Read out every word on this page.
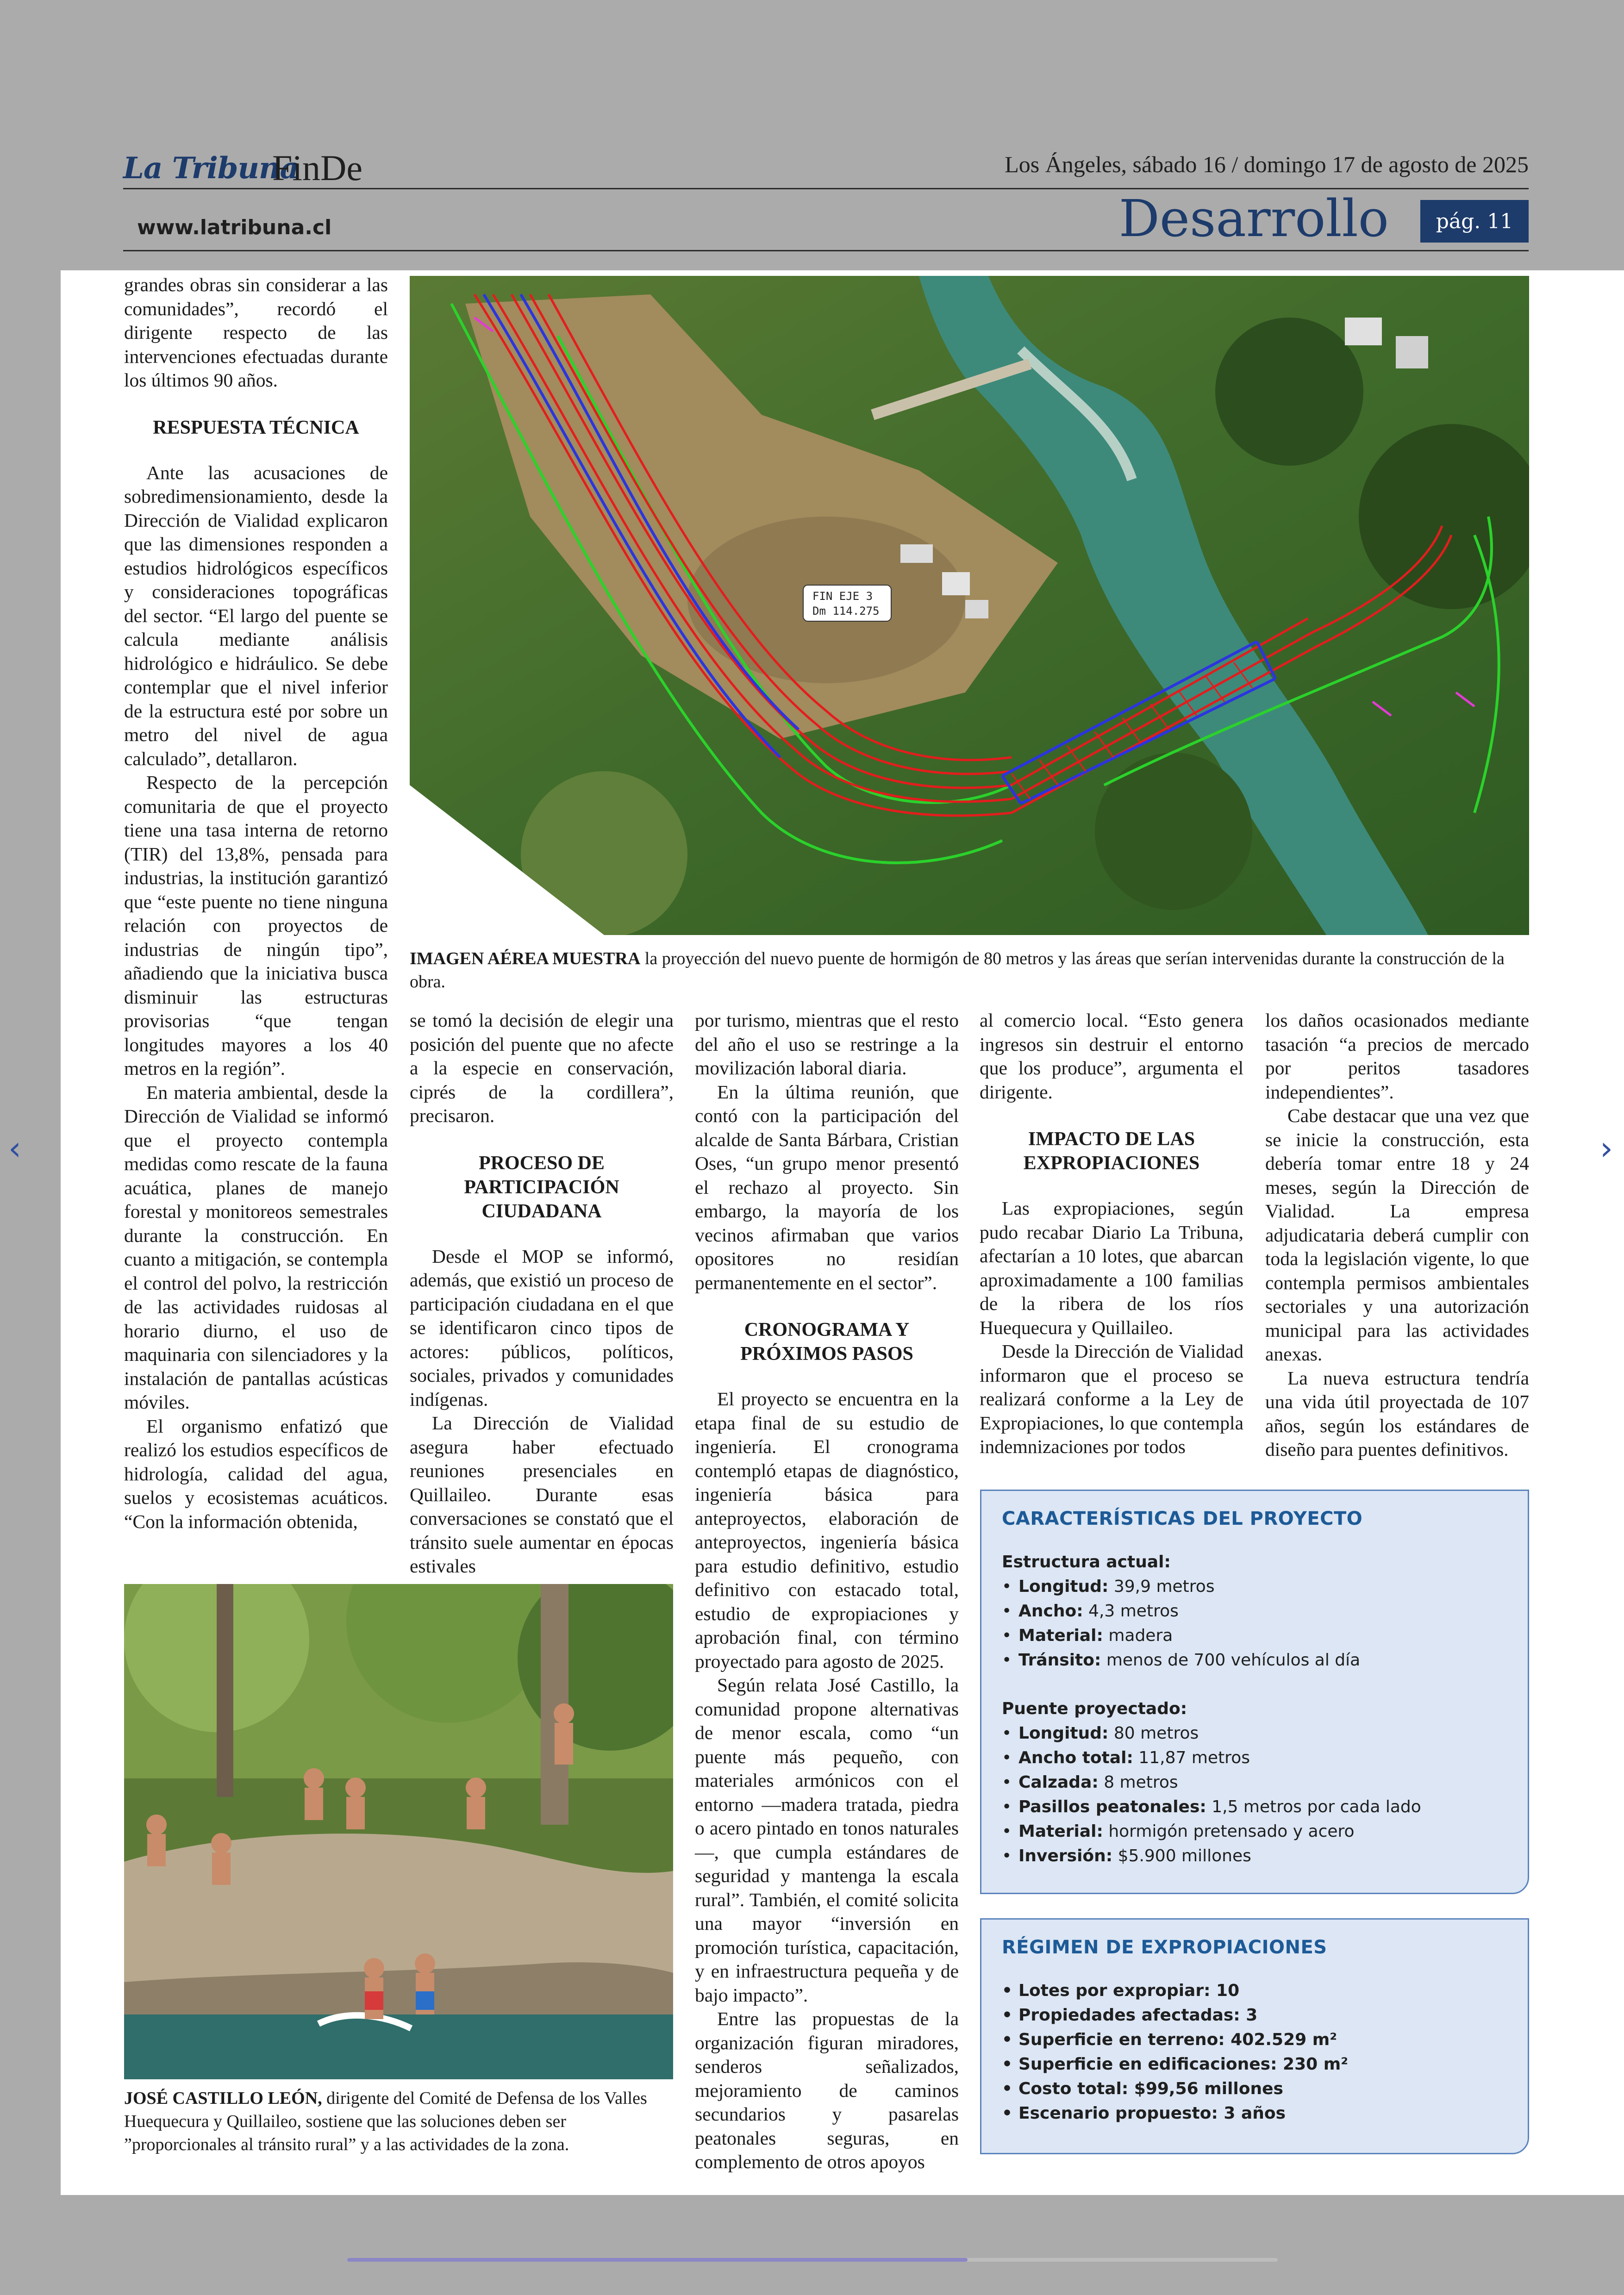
La Tribuna
FinDe	Los Ángeles, sábado 16 / domingo 17 de agosto de 2025
www.latribuna.cl	Desarrollo	pág. 11

grandes obras sin considerar a las comunidades”, recordó el dirigente respecto de las intervenciones efectuadas durante los últimos 90 años.

RESPUESTA TÉCNICA

Ante las acusaciones de sobredimensionamiento, desde la Dirección de Vialidad explicaron que las dimensiones responden a estudios hidrológicos específicos y consideraciones topográficas del sector. “El largo del puente se calcula mediante análisis hidrológico e hidráulico. Se debe contemplar que el nivel inferior de la estructura esté por sobre un metro del nivel de agua calculado”, detallaron.

Respecto de la percepción comunitaria de que el proyecto tiene una tasa interna de retorno (TIR) del 13,8%, pensada para industrias, la institución garantizó que “este puente no tiene ninguna relación con proyectos de industrias de ningún tipo”, añadiendo que la iniciativa busca disminuir las estructuras provisorias “que tengan longitudes mayores a los 40 metros en la región”.

En materia ambiental, desde la Dirección de Vialidad se informó que el proyecto contempla medidas como rescate de la fauna acuática, planes de manejo forestal y monitoreos semestrales durante la construcción. En cuanto a mitigación, se contempla el control del polvo, la restricción de las actividades ruidosas al horario diurno, el uso de maquinaria con silenciadores y la instalación de pantallas acústicas móviles.

El organismo enfatizó que realizó los estudios específicos de hidrología, calidad del agua, suelos y ecosistemas acuáticos. “Con la información obtenida,

FIN EJE 3
Dm 114.275
IMAGEN AÉREA MUESTRA la proyección del nuevo puente de hormigón de 80 metros y las áreas que serían intervenidas durante la construcción de la obra.

se tomó la decisión de elegir una posición del puente que no afecte a la especie en conservación, ciprés de la cordillera”, precisaron.

PROCESO DE PARTICIPACIÓN CIUDADANA

Desde el MOP se informó, además, que existió un proceso de participación ciudadana en el que se identificaron cinco tipos de actores: públicos, políticos, sociales, privados y comunidades indígenas.

La Dirección de Vialidad asegura haber efectuado reuniones presenciales en Quillaileo. Durante esas conversaciones se constató que el tránsito suele aumentar en épocas estivales

por turismo, mientras que el resto del año el uso se restringe a la movilización laboral diaria.

En la última reunión, que contó con la participación del alcalde de Santa Bárbara, Cristian Oses, “un grupo menor presentó el rechazo al proyecto. Sin embargo, la mayoría de los vecinos afirmaban que varios opositores no residían permanentemente en el sector”.

CRONOGRAMA Y PRÓXIMOS PASOS

El proyecto se encuentra en la etapa final de su estudio de ingeniería. El cronograma contempló etapas de diagnóstico, ingeniería básica para anteproyectos, elaboración de anteproyectos, ingeniería básica para estudio definitivo, estudio definitivo con estacado total, estudio de expropiaciones y aprobación final, con término proyectado para agosto de 2025.

Según relata José Castillo, la comunidad propone alternativas de menor escala, como “un puente más pequeño, con materiales armónicos con el entorno —madera tratada, piedra o acero pintado en tonos naturales—, que cumpla estándares de seguridad y mantenga la escala rural”. También, el comité solicita una mayor “inversión en promoción turística, capacitación, y en infraestructura pequeña y de bajo impacto”.

Entre las propuestas de la organización figuran miradores, senderos señalizados, mejoramiento de caminos secundarios y pasarelas peatonales seguras, en complemento de otros apoyos

al comercio local. “Esto genera ingresos sin destruir el entorno que los produce”, argumenta el dirigente.

IMPACTO DE LAS EXPROPIACIONES

Las expropiaciones, según pudo recabar Diario La Tribuna, afectarían a 10 lotes, que abarcan aproximadamente a 100 familias de la ribera de los ríos Huequecura y Quillaileo.

Desde la Dirección de Vialidad informaron que el proceso se realizará conforme a la Ley de Expropiaciones, lo que contempla indemnizaciones por todos

los daños ocasionados mediante tasación “a precios de mercado por peritos tasadores independientes”.

Cabe destacar que una vez que se inicie la construcción, esta debería tomar entre 18 y 24 meses, según la Dirección de Vialidad. La empresa adjudicataria deberá cumplir con toda la legislación vigente, lo que contempla permisos ambientales sectoriales y una autorización municipal para las actividades anexas.

La nueva estructura tendría una vida útil proyectada de 107 años, según los estándares de diseño para puentes definitivos.

JOSÉ CASTILLO LEÓN, dirigente del Comité de Defensa de los Valles Huequecura y Quillaileo, sostiene que las soluciones deben ser ”proporcionales al tránsito rural” y a las actividades de la zona.
CARACTERÍSTICAS DEL PROYECTO
Estructura actual:
• Longitud: 39,9 metros
• Ancho: 4,3 metros
• Material: madera
• Tránsito: menos de 700 vehículos al día
Puente proyectado:
• Longitud: 80 metros
• Ancho total: 11,87 metros
• Calzada: 8 metros
• Pasillos peatonales: 1,5 metros por cada lado
• Material: hormigón pretensado y acero
• Inversión: $5.900 millones
RÉGIMEN DE EXPROPIACIONES
• Lotes por expropiar: 10
• Propiedades afectadas: 3
• Superficie en terreno: 402.529 m²
• Superficie en edificaciones: 230 m²
• Costo total: $99,56 millones
• Escenario propuesto: 3 años
‹	›
